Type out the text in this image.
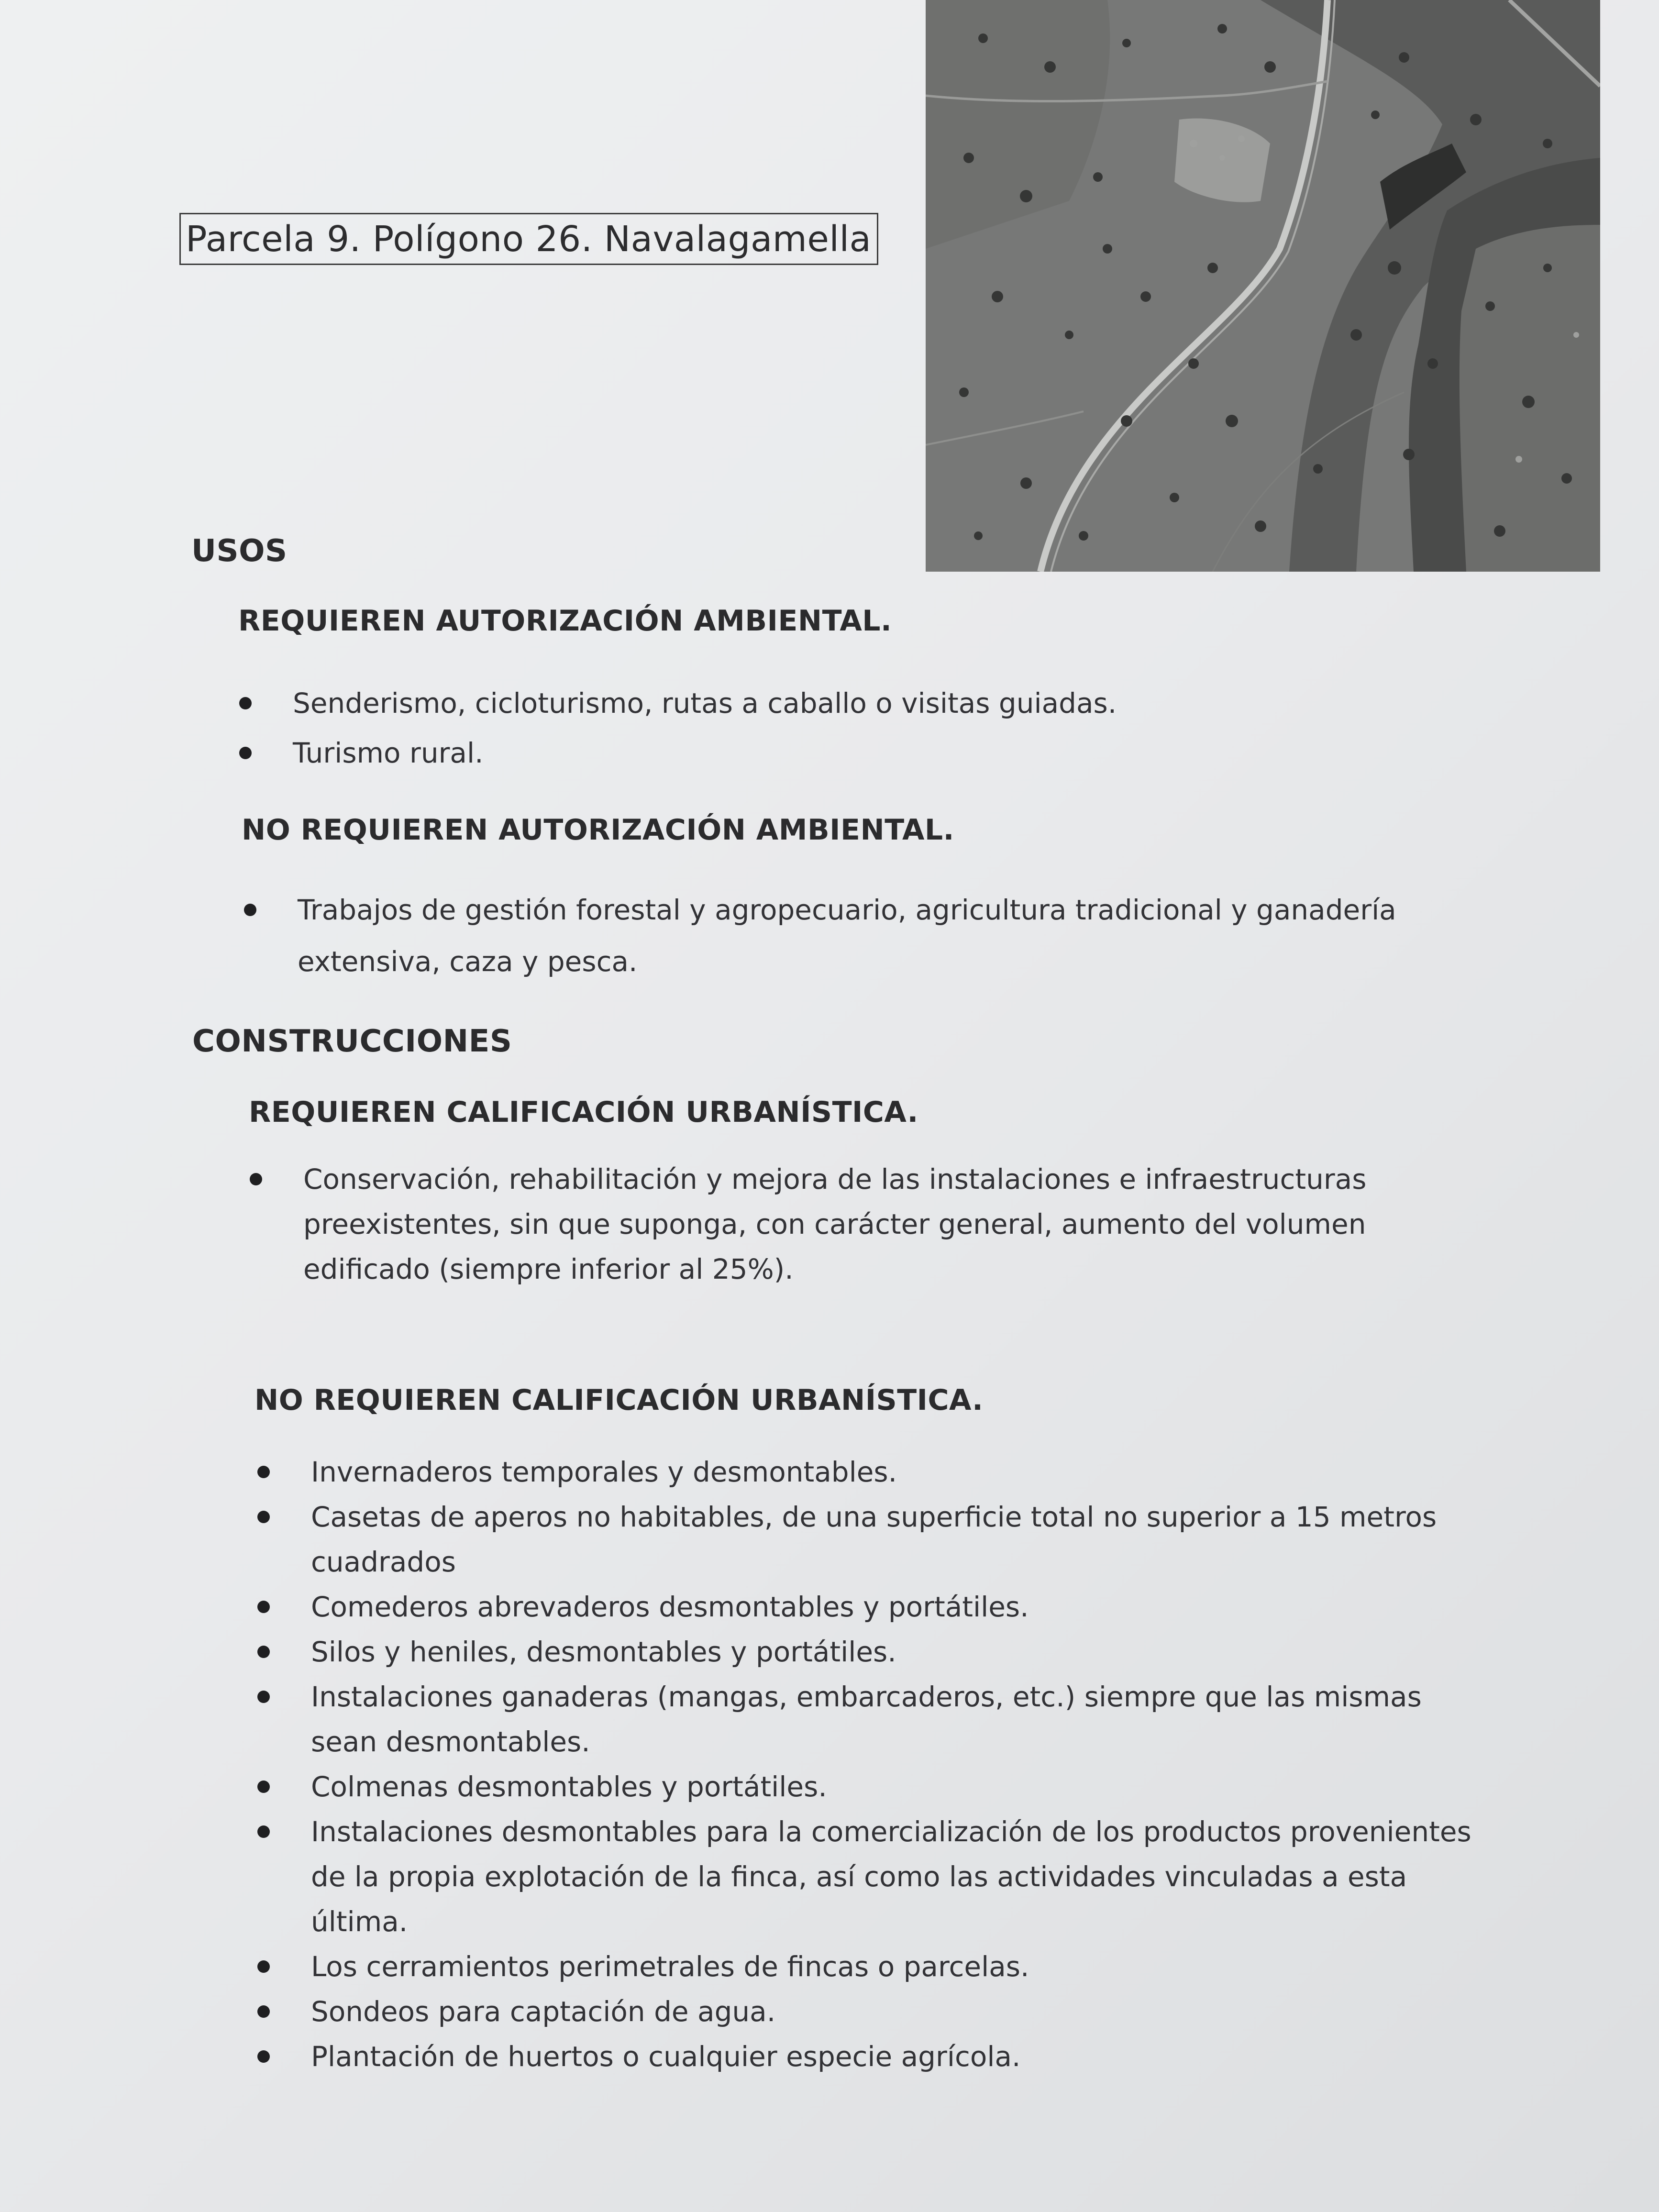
Parcela 9. Polígono 26. Navalagamella
USOS
REQUIEREN AUTORIZACIÓN AMBIENTAL.
Senderismo, cicloturismo, rutas a caballo o visitas guiadas.
Turismo rural.
NO REQUIEREN AUTORIZACIÓN AMBIENTAL.
Trabajos de gestión forestal y agropecuario, agricultura tradicional y ganadería extensiva, caza y pesca.
CONSTRUCCIONES
REQUIEREN CALIFICACIÓN URBANÍSTICA.
Conservación, rehabilitación y mejora de las instalaciones e infraestructuras preexistentes, sin que suponga, con carácter general, aumento del volumen edificado (siempre inferior al 25%).
NO REQUIEREN CALIFICACIÓN URBANÍSTICA.
Invernaderos temporales y desmontables.
Casetas de aperos no habitables, de una superficie total no superior a 15 metros cuadrados
Comederos abrevaderos desmontables y portátiles.
Silos y heniles, desmontables y portátiles.
Instalaciones ganaderas (mangas, embarcaderos, etc.) siempre que las mismas sean desmontables.
Colmenas desmontables y portátiles.
Instalaciones desmontables para la comercialización de los productos provenientes de la propia explotación de la finca, así como las actividades vinculadas a esta última.
Los cerramientos perimetrales de fincas o parcelas.
Sondeos para captación de agua.
Plantación de huertos o cualquier especie agrícola.
